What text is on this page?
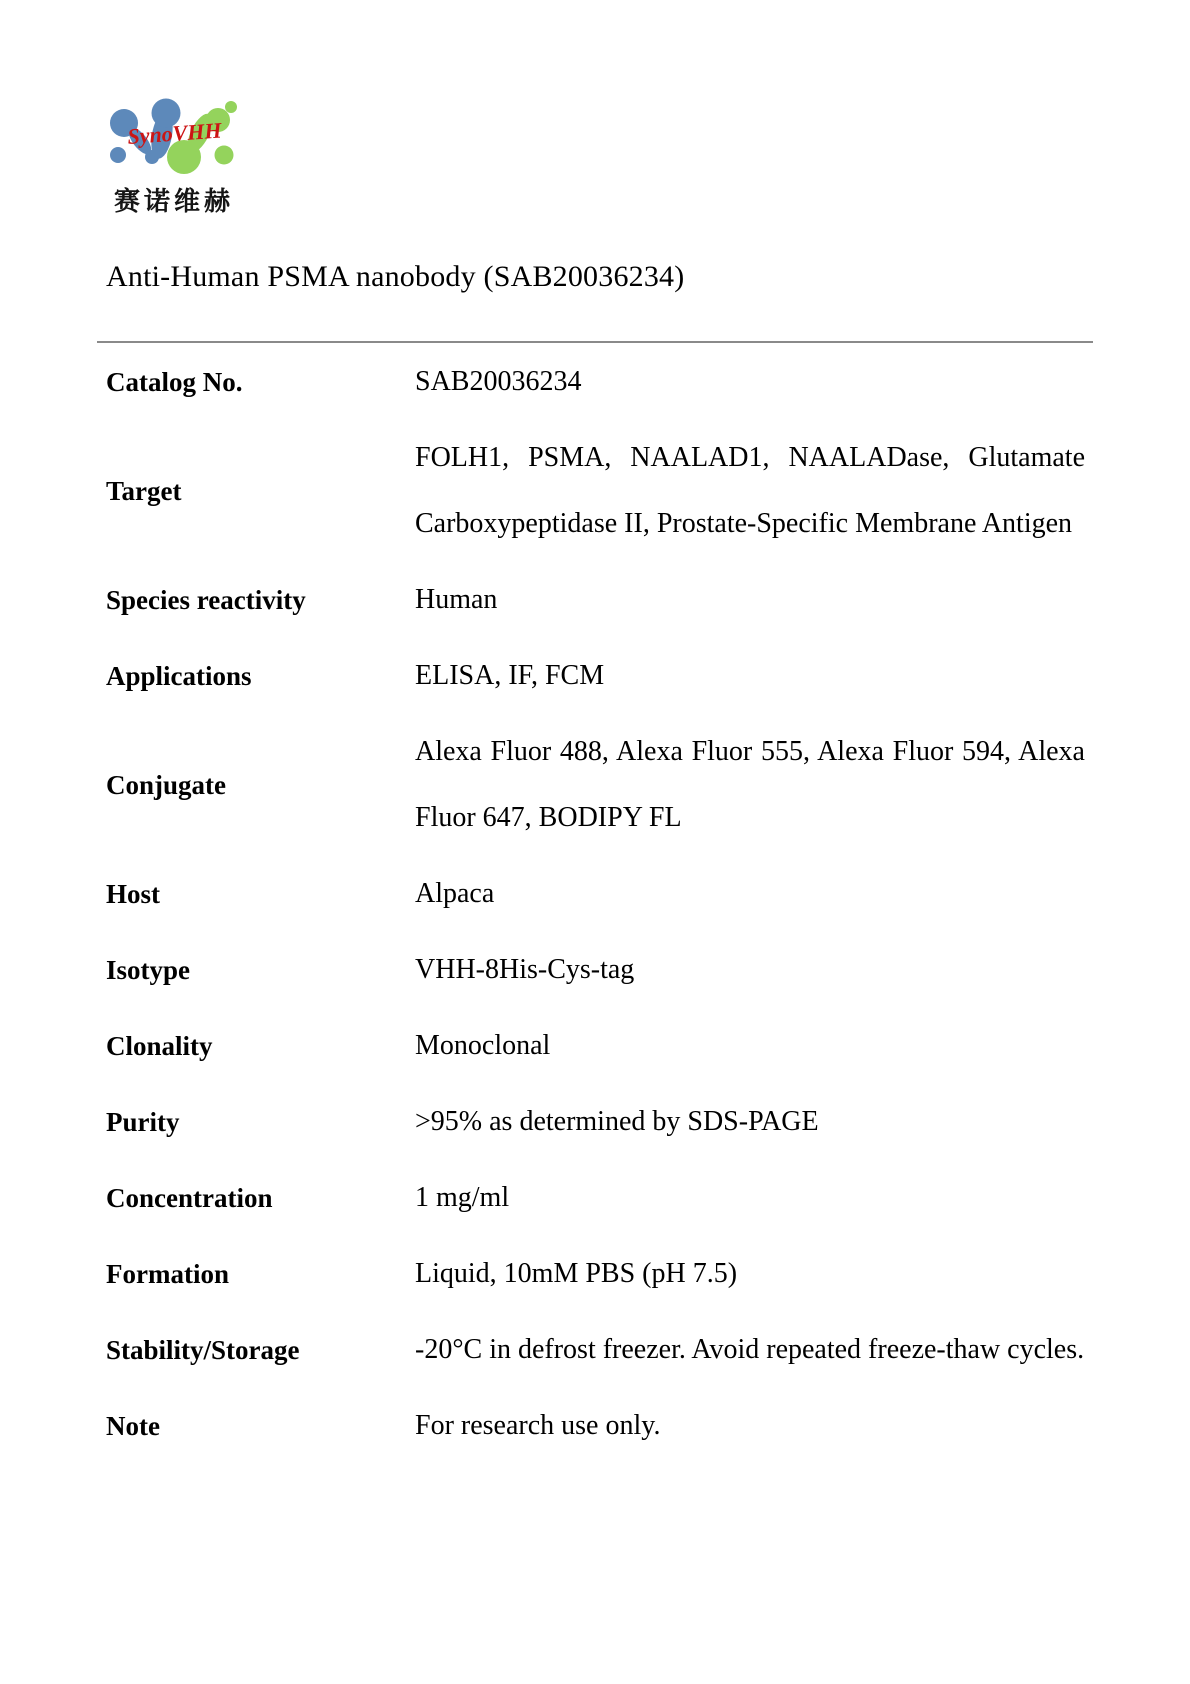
SynoVHH
赛诺维赫
Anti-Human PSMA nanobody (SAB20036234)
Catalog No.	SAB20036234
Target	FOLH1, PSMA, NAALAD1, NAALADase, Glutamate Carboxypeptidase II, Prostate-Specific Membrane Antigen
Species reactivity	Human
Applications	ELISA, IF, FCM
Conjugate	Alexa Fluor 488, Alexa Fluor 555, Alexa Fluor 594, Alexa Fluor 647, BODIPY FL
Host	Alpaca
Isotype	VHH-8His-Cys-tag
Clonality	Monoclonal
Purity	>95% as determined by SDS-PAGE
Concentration	1 mg/ml
Formation	Liquid, 10mM PBS (pH 7.5)
Stability/Storage	-20°C in defrost freezer. Avoid repeated freeze-thaw cycles.
Note	For research use only.
